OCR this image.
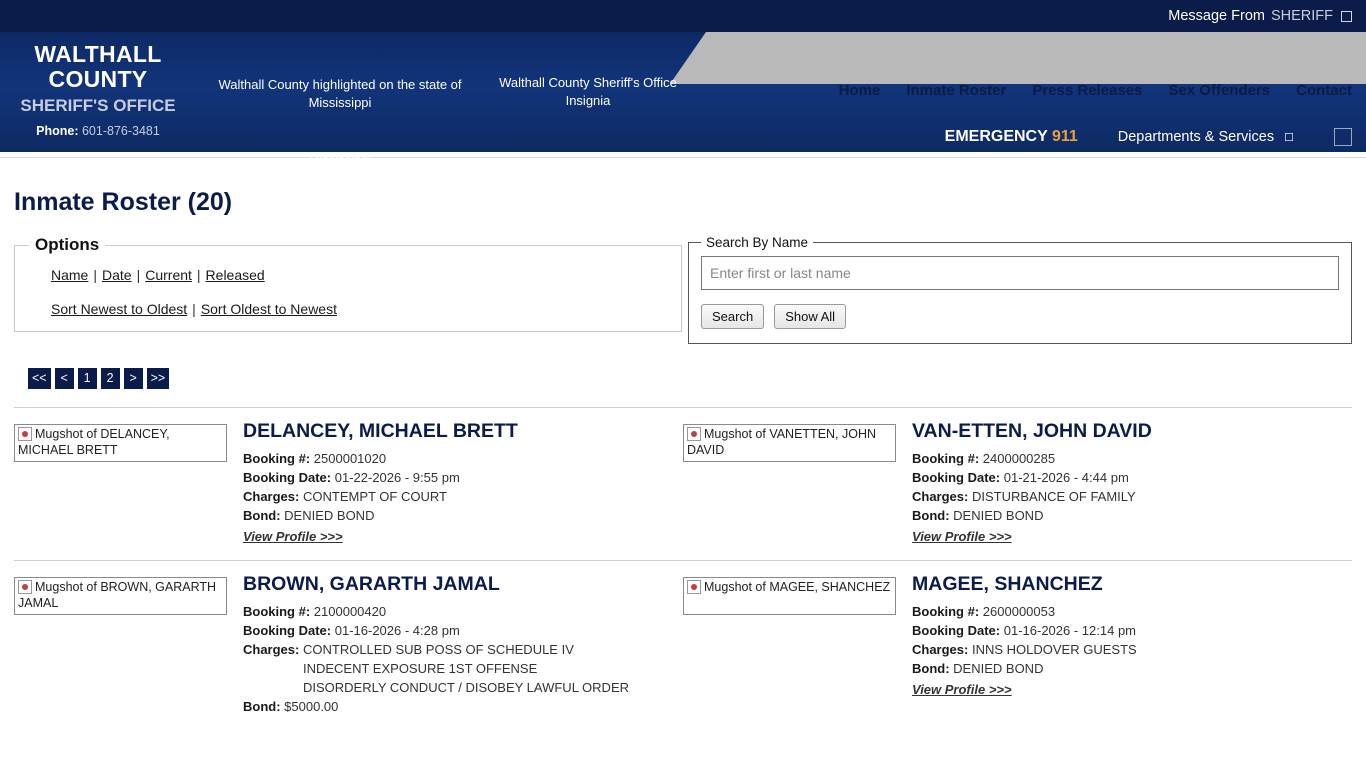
Message From SHERIFF
WALTHALL COUNTY
SHERIFF'S OFFICE
Phone: 601-876-3481
Walthall County highlighted on the state of Mississippi
Mississippi
Walthall County Sheriff's Office Insignia
Home Inmate Roster Press Releases Sex Offenders Contact
EMERGENCY 911	Departments & Services ☐
Inmate Roster (20)
Options
Name | Date | Current | Released
Sort Newest to Oldest | Sort Oldest to Newest
Search By Name
Enter first or last name
Search	Show All
<<	<	1	2	>	>>
Mugshot of DELANCEY, MICHAEL BRETT
DELANCEY, MICHAEL BRETT
Booking #: 2500001020
Booking Date: 01-22-2026 - 9:55 pm
Charges: CONTEMPT OF COURT
Bond: DENIED BOND
View Profile >>>
Mugshot of VANETTEN, JOHN DAVID
VAN-ETTEN, JOHN DAVID
Booking #: 2400000285
Booking Date: 01-21-2026 - 4:44 pm
Charges: DISTURBANCE OF FAMILY
Bond: DENIED BOND
View Profile >>>
Mugshot of BROWN, GARARTH JAMAL
BROWN, GARARTH JAMAL
Booking #: 2100000420
Booking Date: 01-16-2026 - 4:28 pm
Charges: CONTROLLED SUB POSS OF SCHEDULE IV
INDECENT EXPOSURE 1ST OFFENSE
DISORDERLY CONDUCT / DISOBEY LAWFUL ORDER
Bond: $5000.00
Mugshot of MAGEE, SHANCHEZ MAGEE, SHANCHEZ
Booking #: 2600000053
Booking Date: 01-16-2026 - 12:14 pm
Charges: INNS HOLDOVER GUESTS
Bond: DENIED BOND
View Profile >>>
